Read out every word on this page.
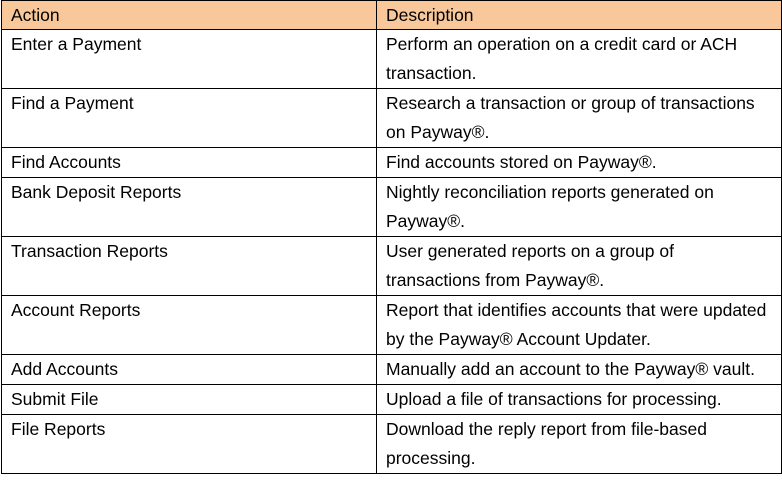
Action	Description
Enter a Payment	Perform an operation on a credit card or ACH transaction.
Find a Payment	Research a transaction or group of transactions on Payway®.
Find Accounts	Find accounts stored on Payway®.
Bank Deposit Reports	Nightly reconciliation reports generated on Payway®.
Transaction Reports	User generated reports on a group of transactions from Payway®.
Account Reports	Report that identifies accounts that were updated by the Payway® Account Updater.
Add Accounts	Manually add an account to the Payway® vault.
Submit File	Upload a file of transactions for processing.
File Reports	Download the reply report from file-based processing.
